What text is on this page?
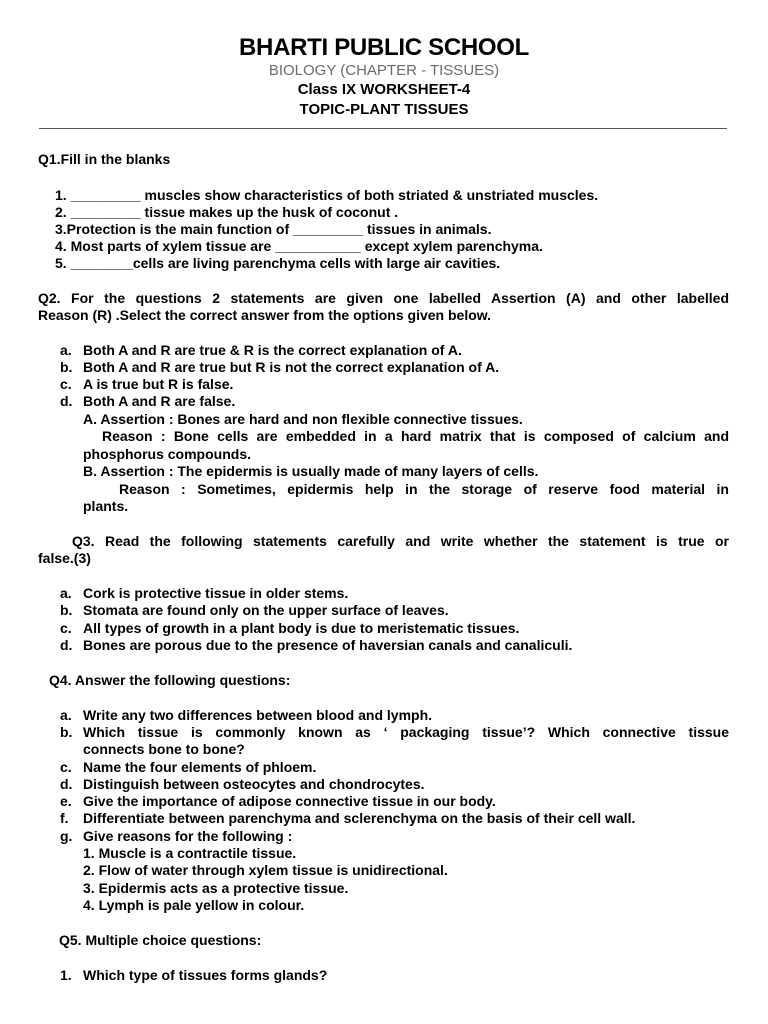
BHARTI PUBLIC SCHOOL
BIOLOGY (CHAPTER - TISSUES)
Class IX WORKSHEET-4
TOPIC-PLANT TISSUES
Q1.Fill in the blanks
1. _________ muscles show characteristics of both striated & unstriated muscles.
2. _________ tissue makes up the husk of coconut .
3.Protection is the main function of _________ tissues in animals.
4. Most parts of xylem tissue are ___________ except xylem parenchyma.
5. ________cells are living parenchyma cells with large air cavities.
Q2. For the questions 2 statements are given one labelled Assertion (A) and other labelled
Reason (R) .Select the correct answer from the options given below.
a. Both A and R are true & R is the correct explanation of A.
b. Both A and R are true but R is not the correct explanation of A.
c. A is true but R is false.
d. Both A and R are false.
A. Assertion : Bones are hard and non flexible connective tissues.
Reason : Bone cells are embedded in a hard matrix that is composed of calcium and
phosphorus compounds.
B. Assertion : The epidermis is usually made of many layers of cells.
Reason : Sometimes, epidermis help in the storage of reserve food material in
plants.
Q3. Read the following statements carefully and write whether the statement is true or
false.(3)
a. Cork is protective tissue in older stems.
b. Stomata are found only on the upper surface of leaves.
c. All types of growth in a plant body is due to meristematic tissues.
d. Bones are porous due to the presence of haversian canals and canaliculi.
Q4. Answer the following questions:
a. Write any two differences between blood and lymph.
b. Which tissue is commonly known as ‘ packaging tissue’? Which connective tissue
connects bone to bone?
c. Name the four elements of phloem.
d. Distinguish between osteocytes and chondrocytes.
e. Give the importance of adipose connective tissue in our body.
f. Differentiate between parenchyma and sclerenchyma on the basis of their cell wall.
g. Give reasons for the following :
1. Muscle is a contractile tissue.
2. Flow of water through xylem tissue is unidirectional.
3. Epidermis acts as a protective tissue.
4. Lymph is pale yellow in colour.
Q5. Multiple choice questions:
1. Which type of tissues forms glands?
